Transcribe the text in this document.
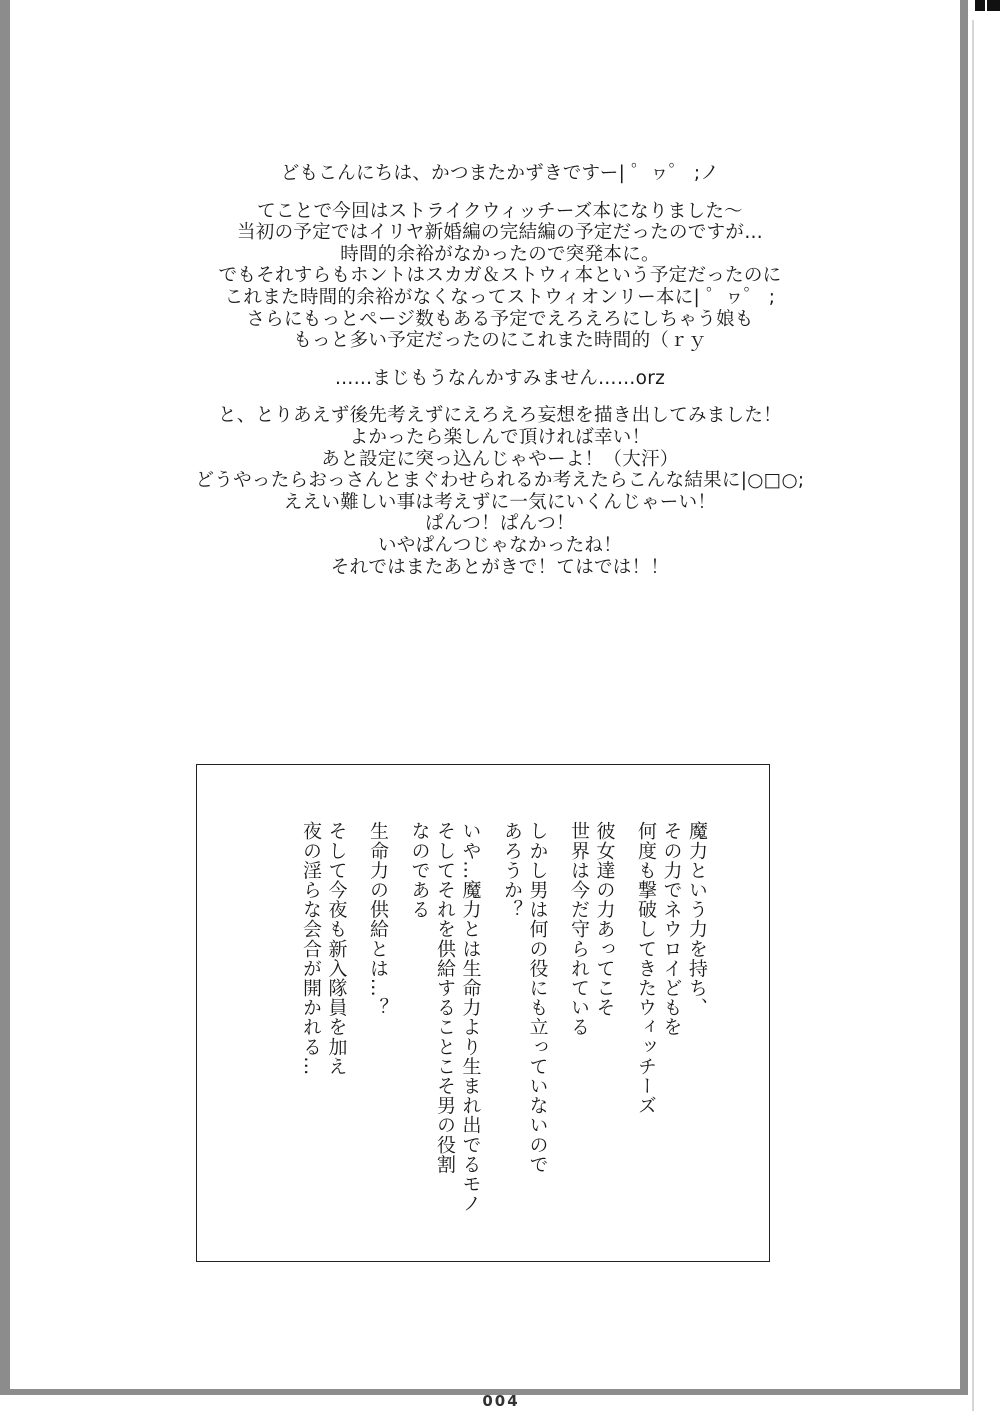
どもこんにちは、かつまたかずきですー| ゜ヮ゜ ;ノ
てことで今回はストライクウィッチーズ本になりました～
当初の予定ではイリヤ新婚編の完結編の予定だったのですが…
時間的余裕がなかったので突発本に。
でもそれすらもホントはスカガ＆ストウィ本という予定だったのに
これまた時間的余裕がなくなってストウィオンリー本に| ゜ヮ゜ ;
さらにもっとページ数もある予定でえろえろにしちゃう娘も
もっと多い予定だったのにこれまた時間的（ｒｙ
……まじもうなんかすみません……orz
と、とりあえず後先考えずにえろえろ妄想を描き出してみました！
よかったら楽しんで頂ければ幸い！
あと設定に突っ込んじゃやーよ！（大汗）
どうやったらおっさんとまぐわせられるか考えたらこんな結果に|○□○;
ええい難しい事は考えずに一気にいくんじゃーい！
ぱんつ！ぱんつ！
いやぱんつじゃなかったね！
それではまたあとがきで！てはでは！！
魔力という力を持ち、
その力でネウロイどもを
何度も撃破してきたウィッチーズ
彼女達の力あってこそ
世界は今だ守られている
しかし男は何の役にも立っていないので
あろうか？
いや…魔力とは生命力より生まれ出でるモノ
そしてそれを供給することこそ男の役割
なのである
生命力の供給とは…？
そして今夜も新入隊員を加え
夜の淫らな会合が開かれる…
004
